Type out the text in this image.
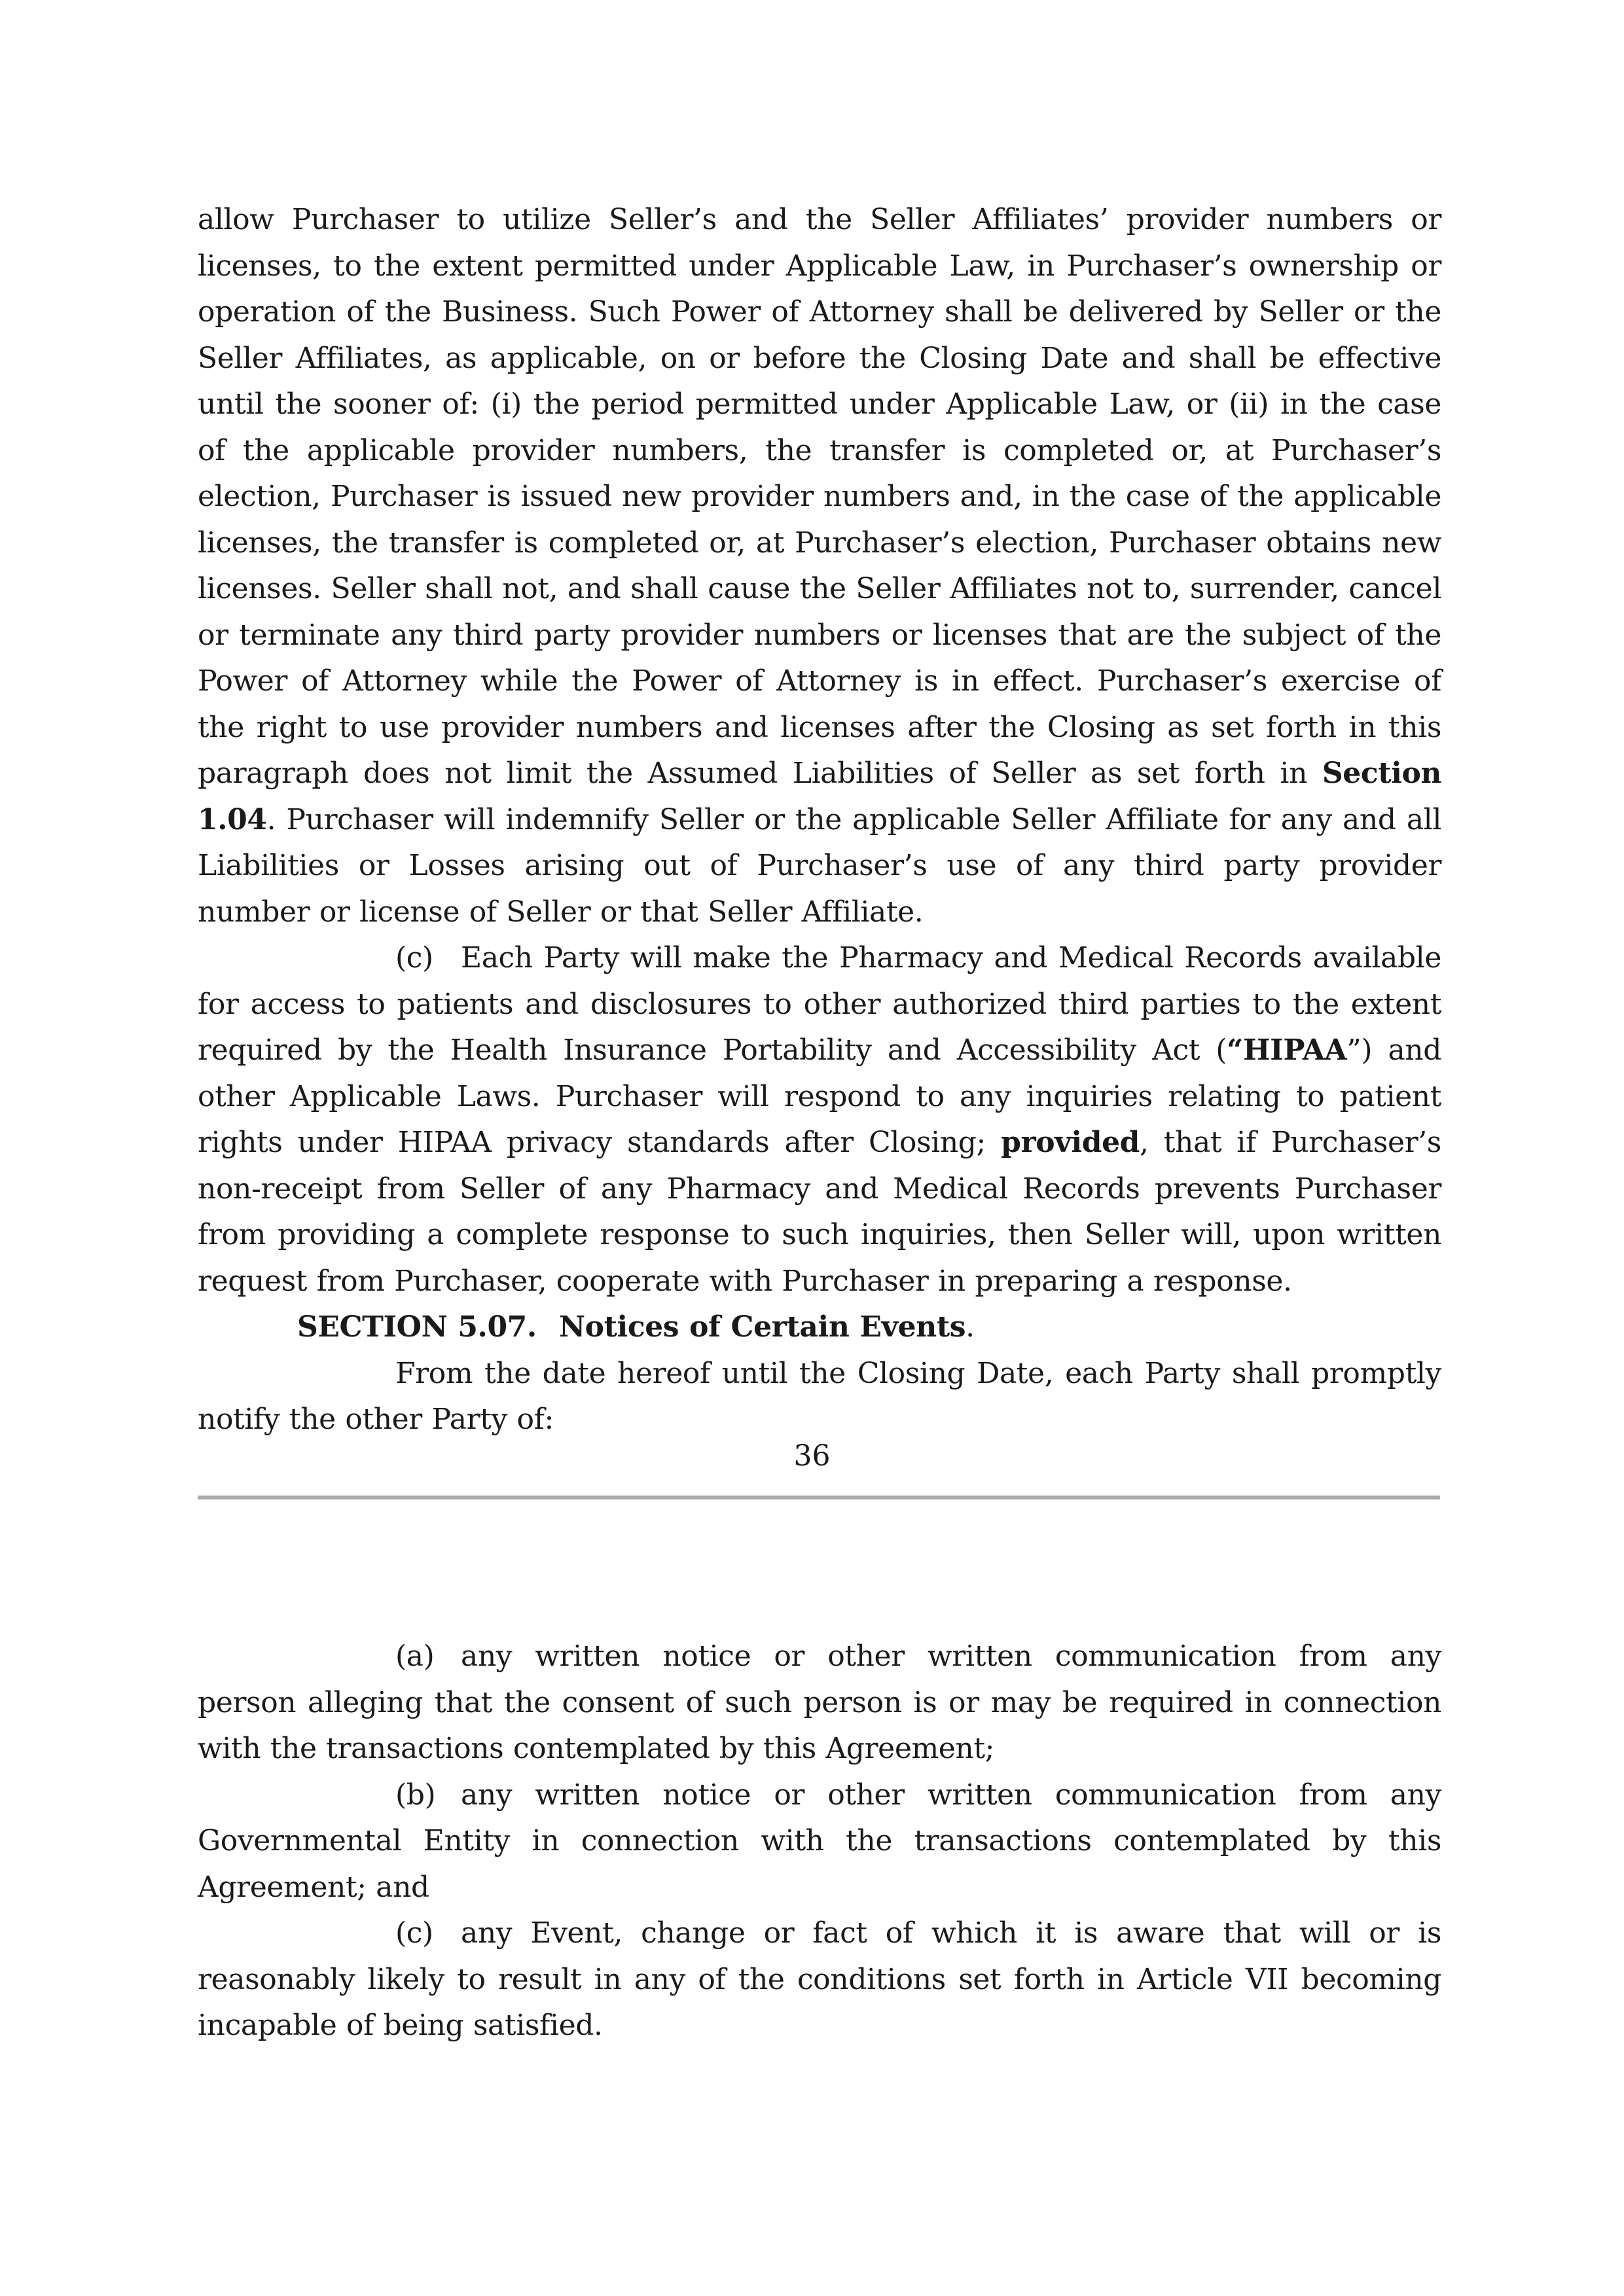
allow Purchaser to utilize Seller’s and the Seller Affiliates’ provider numbers or licenses, to the extent permitted under Applicable Law, in Purchaser’s ownership or operation of the Business. Such Power of Attorney shall be delivered by Seller or the Seller Affiliates, as applicable, on or before the Closing Date and shall be effective until the sooner of: (i) the period permitted under Applicable Law, or (ii) in the case of the applicable provider numbers, the transfer is completed or, at Purchaser’s election, Purchaser is issued new provider numbers and, in the case of the applicable licenses, the transfer is completed or, at Purchaser’s election, Purchaser obtains new licenses. Seller shall not, and shall cause the Seller Affiliates not to, surrender, cancel or terminate any third party provider numbers or licenses that are the subject of the Power of Attorney while the Power of Attorney is in effect. Purchaser’s exercise of the right to use provider numbers and licenses after the Closing as set forth in this paragraph does not limit the Assumed Liabilities of Seller as set forth in Section 1.04. Purchaser will indemnify Seller or the applicable Seller Affiliate for any and all Liabilities or Losses arising out of Purchaser’s use of any third party provider number or license of Seller or that Seller Affiliate.

(c) Each Party will make the Pharmacy and Medical Records available for access to patients and disclosures to other authorized third parties to the extent required by the Health Insurance Portability and Accessibility Act (“HIPAA”) and other Applicable Laws. Purchaser will respond to any inquiries relating to patient rights under HIPAA privacy standards after Closing; provided, that if Purchaser’s non-receipt from Seller of any Pharmacy and Medical Records prevents Purchaser from providing a complete response to such inquiries, then Seller will, upon written request from Purchaser, cooperate with Purchaser in preparing a response.

SECTION 5.07. Notices of Certain Events.

From the date hereof until the Closing Date, each Party shall promptly notify the other Party of:

36

(a) any written notice or other written communication from any person alleging that the consent of such person is or may be required in connection with the transactions contemplated by this Agreement;

(b) any written notice or other written communication from any Governmental Entity in connection with the transactions contemplated by this Agreement; and

(c) any Event, change or fact of which it is aware that will or is reasonably likely to result in any of the conditions set forth in Article VII becoming incapable of being satisfied.
